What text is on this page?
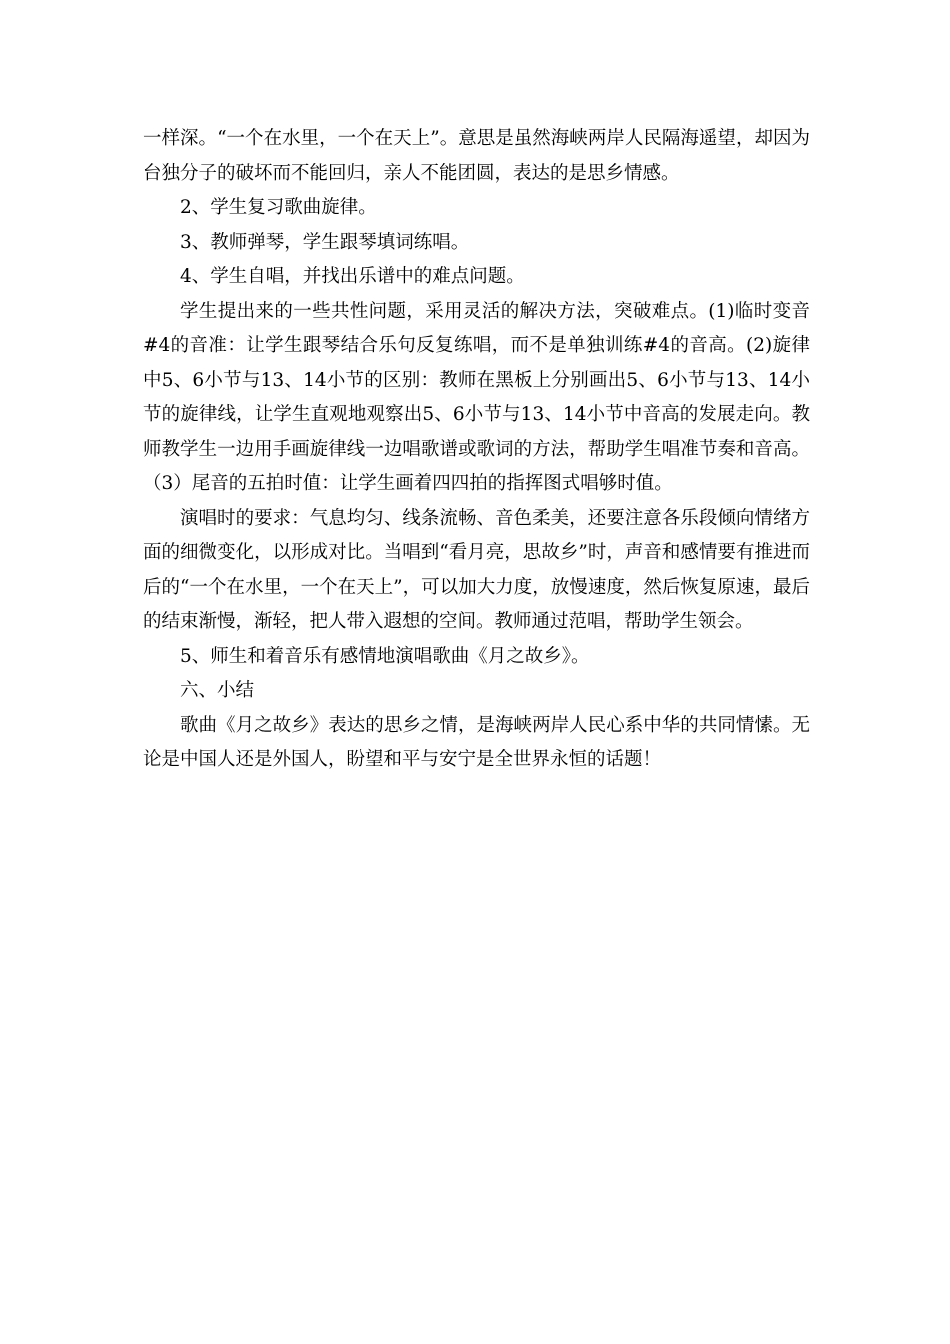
一样深。“一个在水里，一个在天上”。意思是虽然海峡两岸人民隔海遥望，却因为台独分子的破坏而不能回归，亲人不能团圆，表达的是思乡情感。

2、学生复习歌曲旋律。

3、教师弹琴，学生跟琴填词练唱。

4、学生自唱，并找出乐谱中的难点问题。

学生提出来的一些共性问题，采用灵活的解决方法，突破难点。(1)临时变音#4的音准：让学生跟琴结合乐句反复练唱，而不是单独训练#4的音高。(2)旋律中5、6小节与13、14小节的区别：教师在黑板上分别画出5、6小节与13、14小节的旋律线，让学生直观地观察出5、6小节与13、14小节中音高的发展走向。教师教学生一边用手画旋律线一边唱歌谱或歌词的方法，帮助学生唱准节奏和音高。（3）尾音的五拍时值：让学生画着四四拍的指挥图式唱够时值。

演唱时的要求：气息均匀、线条流畅、音色柔美，还要注意各乐段倾向情绪方面的细微变化，以形成对比。当唱到“看月亮，思故乡”时，声音和感情要有推进而后的“一个在水里，一个在天上”，可以加大力度，放慢速度，然后恢复原速，最后的结束渐慢，渐轻，把人带入遐想的空间。教师通过范唱，帮助学生领会。

5、师生和着音乐有感情地演唱歌曲《月之故乡》。

六、小结

歌曲《月之故乡》表达的思乡之情，是海峡两岸人民心系中华的共同情愫。无论是中国人还是外国人，盼望和平与安宁是全世界永恒的话题！
